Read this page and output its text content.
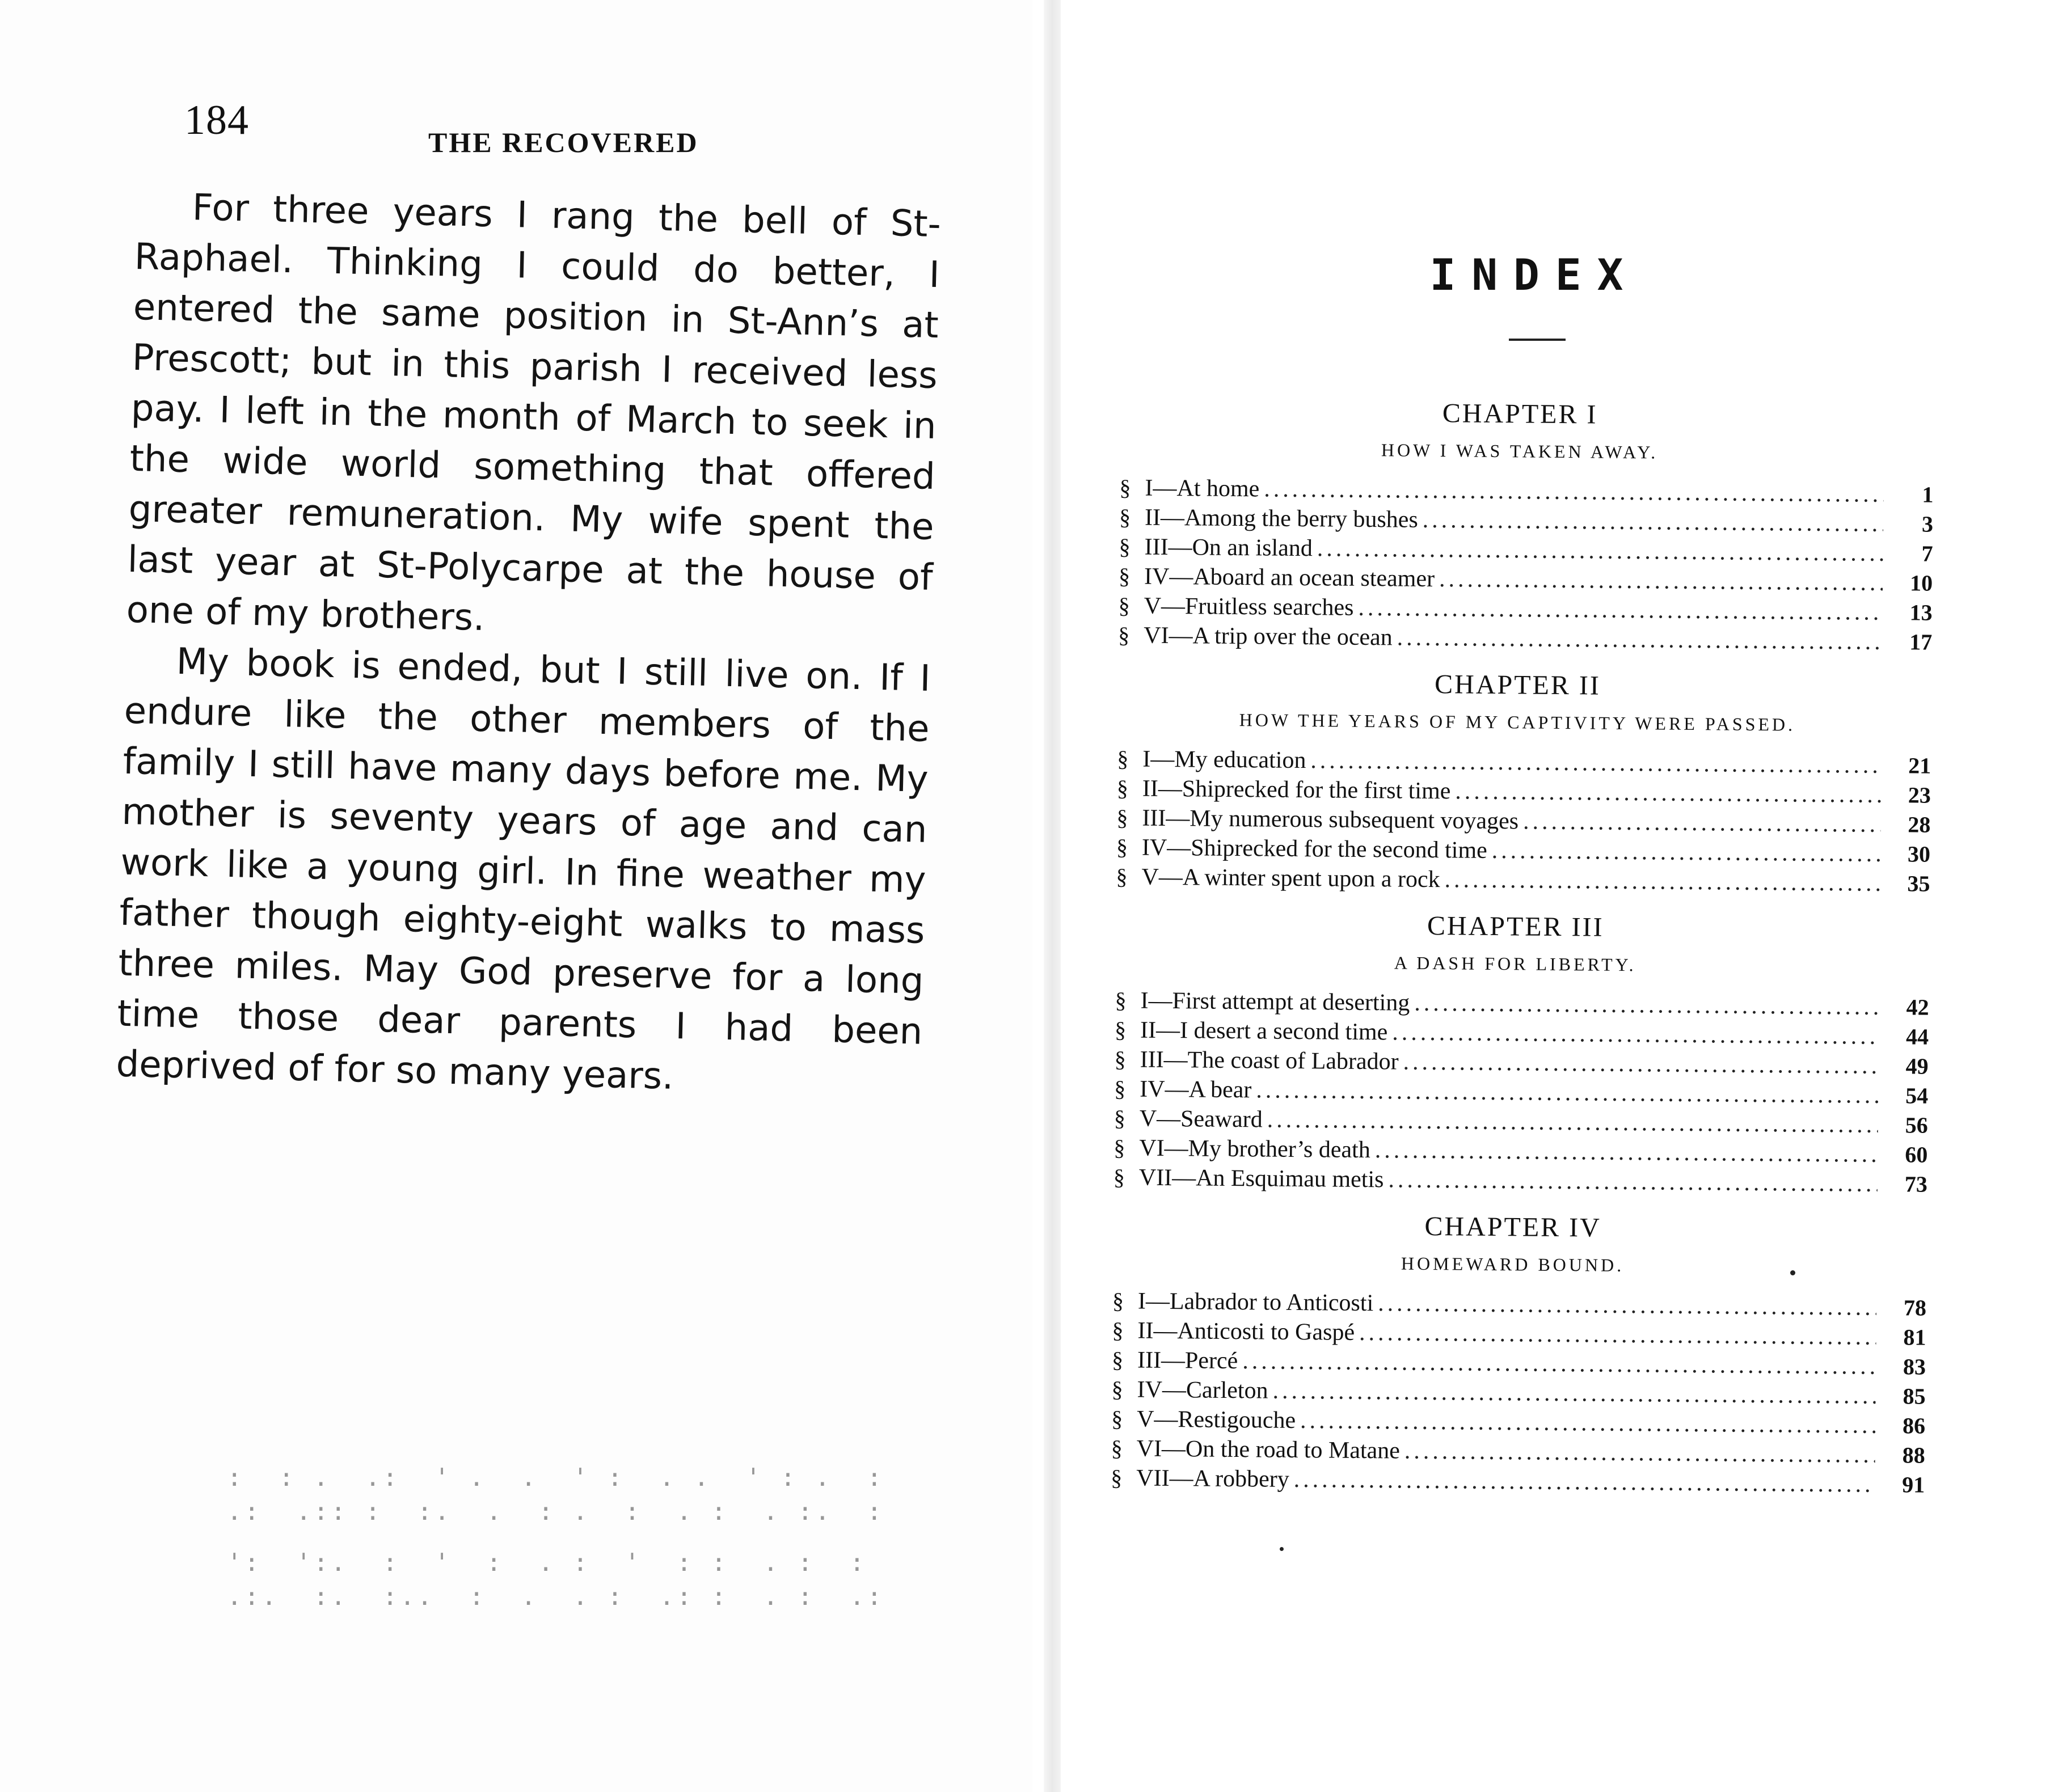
184	THE RECOVERED

For three years I rang the bell of St-Raphael. Thinking I could do better, I entered the same position in St-Ann’s at Prescott; but in this parish I received less pay. I left in the month of March to seek in the wide world something that offered greater remuneration. My wife spent the last year at St-Polycarpe at the house of one of my brothers.

My book is ended, but I still live on. If I endure like the other members of the family I still have many days before me. My mother is seventy years of age and can work like a young girl. In fine weather my father though eighty-eight walks to mass three miles. May God preserve for a long time those dear parents I had been deprived of for so many years.

:  : .  .:  ' .  .  ' :  . .  ' : .  :
.:  .:: :  :.  .  : .  :  . :  . :.  :
':  ':.  :  '  :  . :  '  : :  . :  :
.:.  :.  :..  :  .  . :  .: :  . :  .:
INDEX
CHAPTER I
HOW I WAS TAKEN AWAY.
§ I—At home .....	1
§ II—Among the berry bushes .....	3
§ III—On an island .....	7
§ IV—Aboard an ocean steamer .....	10
§ V—Fruitless searches .....	13
§ VI—A trip over the ocean .....	17
CHAPTER II
HOW THE YEARS OF MY CAPTIVITY WERE PASSED.
§ I—My education .....	21
§ II—Shiprecked for the first time .....	23
§ III—My numerous subsequent voyages .....	28
§ IV—Shiprecked for the second time .....	30
§ V—A winter spent upon a rock .....	35
CHAPTER III
A DASH FOR LIBERTY.
§ I—First attempt at deserting .....	42
§ II—I desert a second time .....	44
§ III—The coast of Labrador .....	49
§ IV—A bear .....	54
§ V—Seaward .....	56
§ VI—My brother’s death .....	60
§ VII—An Esquimau metis .....	73
CHAPTER IV
HOMEWARD BOUND.
§ I—Labrador to Anticosti .....	78
§ II—Anticosti to Gaspé .....	81
§ III—Percé .....	83
§ IV—Carleton .....	85
§ V—Restigouche .....	86
§ VI—On the road to Matane .....	88
§ VII—A robbery .....	91
